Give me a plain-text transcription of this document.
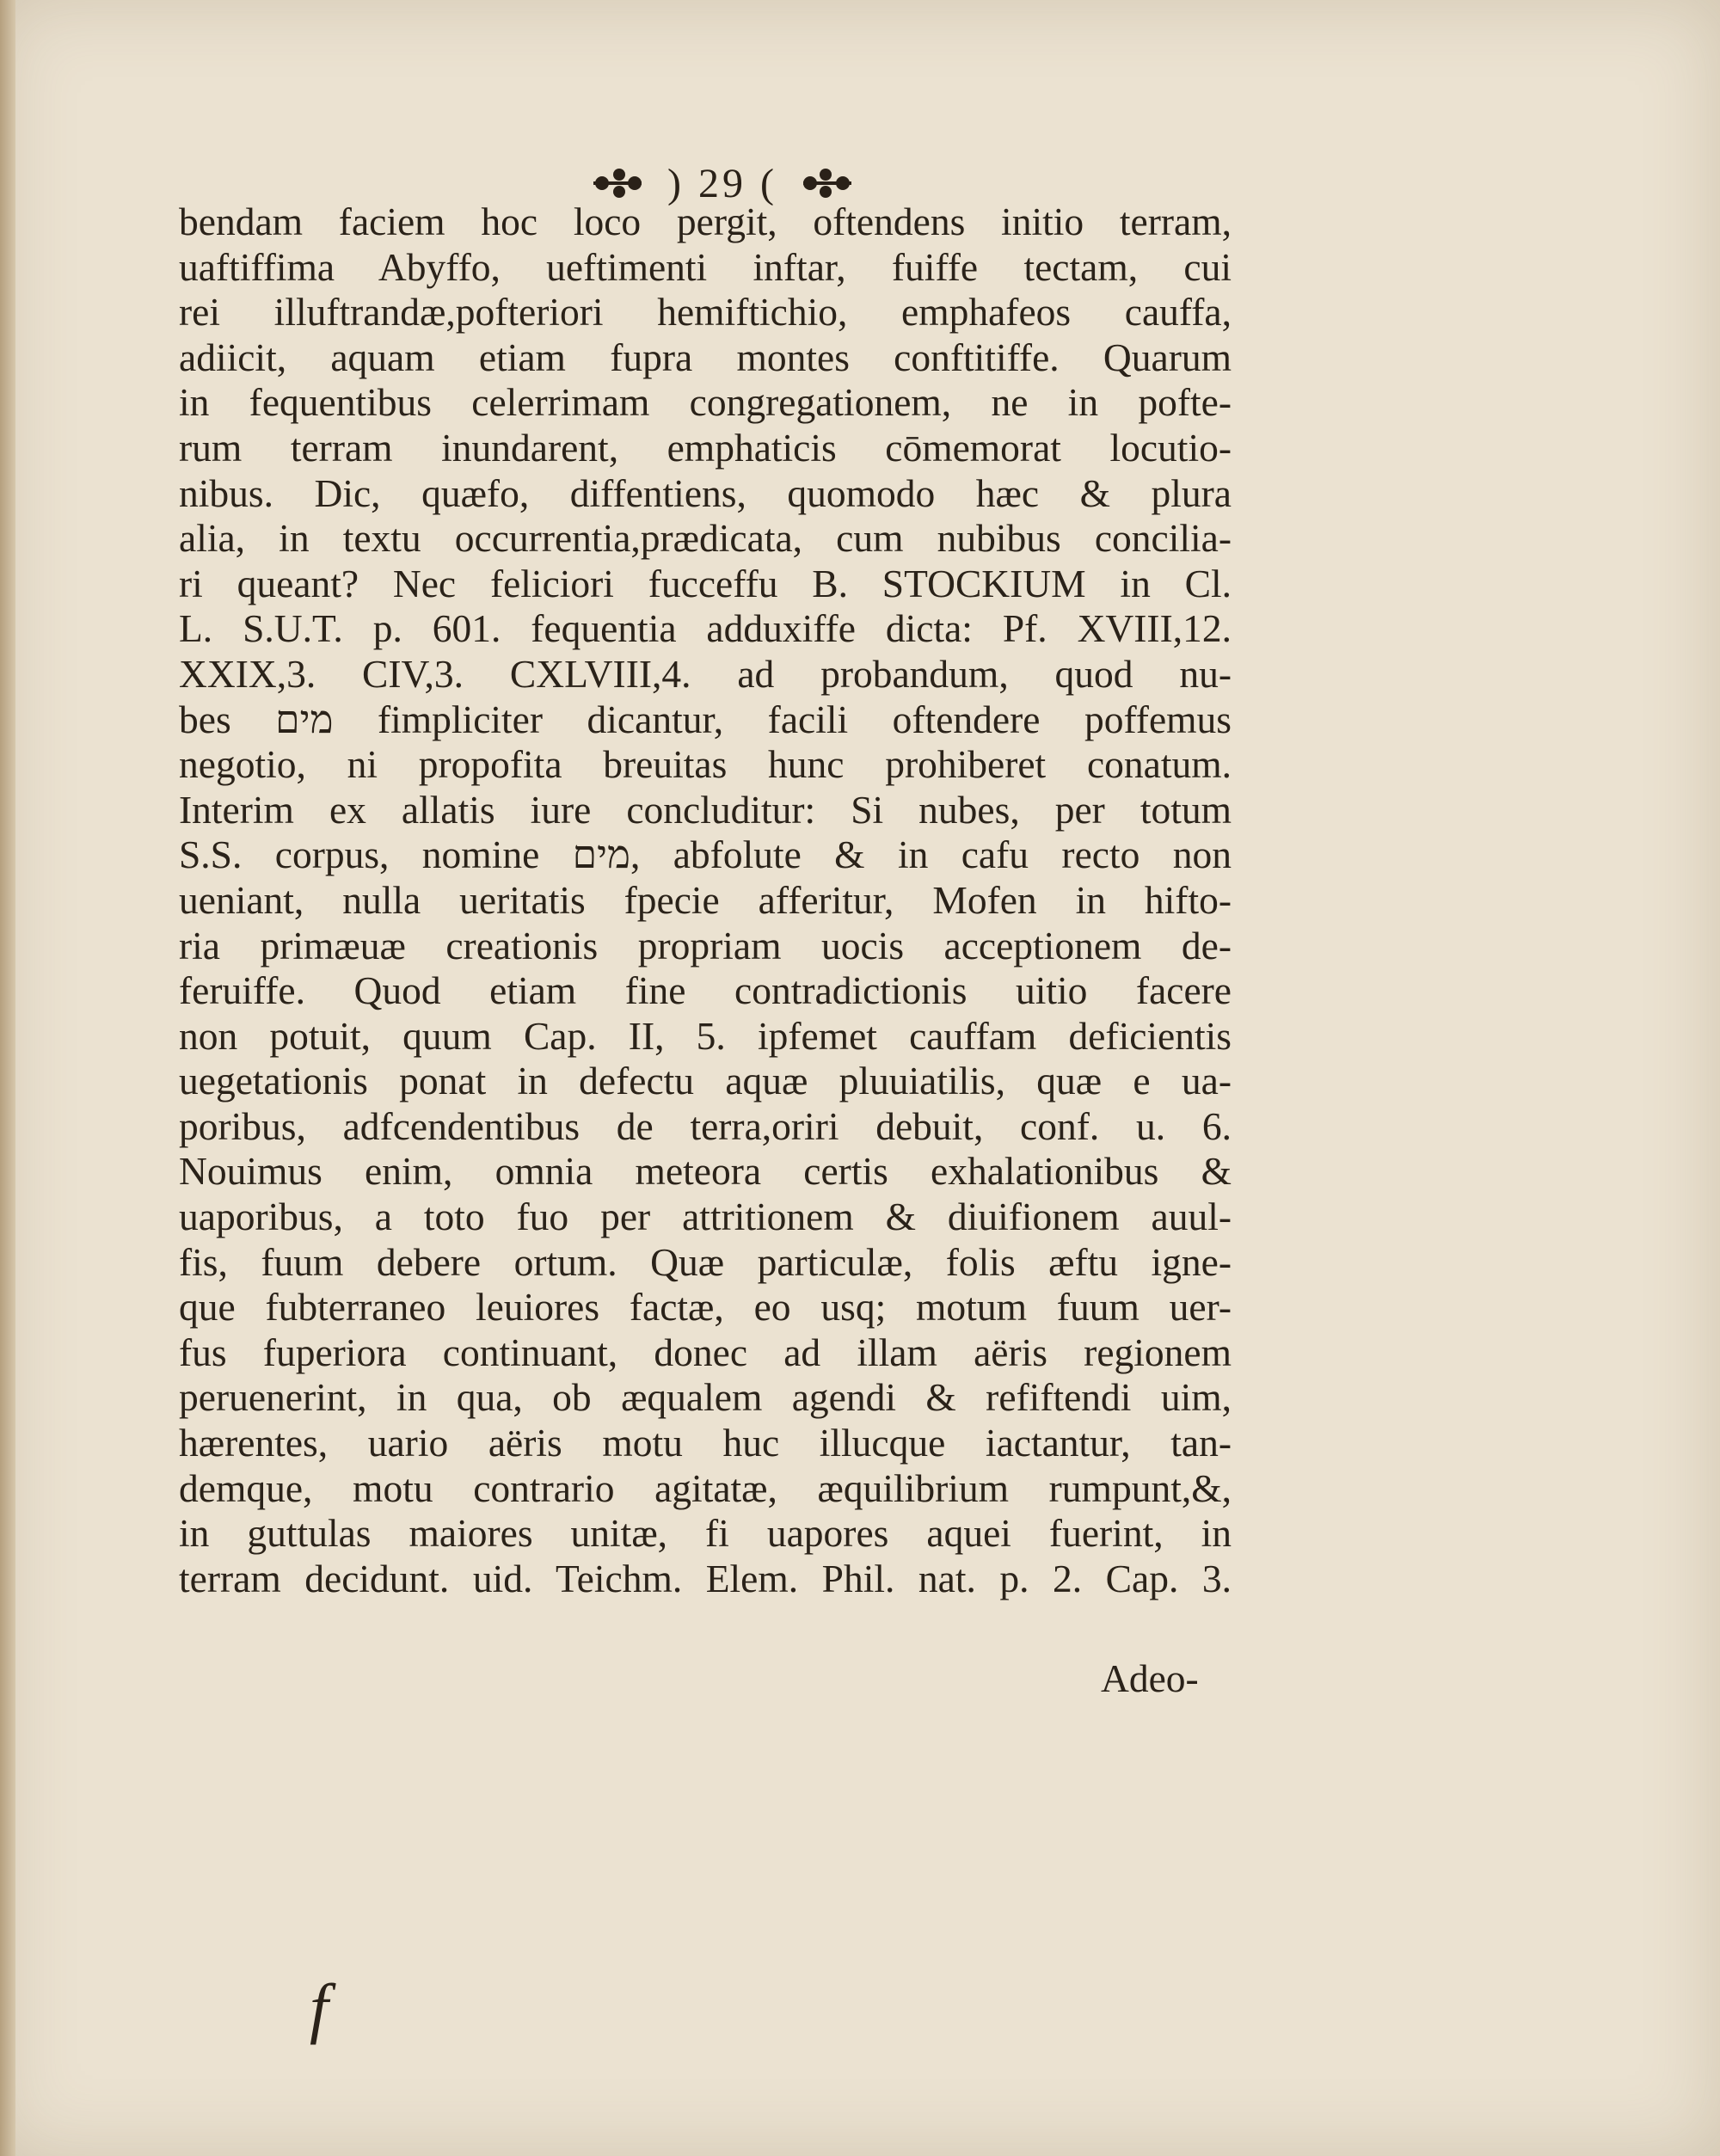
) 29 (
bendam faciem hoc loco pergit, oftendens initio terram,
uaftiffima Abyffo, ueftimenti inftar, fuiffe tectam, cui
rei illuftrandæ,pofteriori hemiftichio, emphafeos cauffa,
adiicit, aquam etiam fupra montes conftitiffe. Quarum
in fequentibus celerrimam congregationem, ne in pofte-
rum terram inundarent, emphaticis cōmemorat locutio-
nibus. Dic, quæfo, diffentiens, quomodo hæc & plura
alia, in textu occurrentia,prædicata, cum nubibus concilia-
ri queant? Nec feliciori fucceffu B. STOCKIUM in Cl.
L. S.U.T. p. 601. fequentia adduxiffe dicta: Pf. XVIII,12.
XXIX,3. CIV,3. CXLVIII,4. ad probandum, quod nu-
bes מים fimpliciter dicantur, facili oftendere poffemus
negotio, ni propofita breuitas hunc prohiberet conatum.
Interim ex allatis iure concluditur: Si nubes, per totum
S.S. corpus, nomine מים, abfolute & in cafu recto non
ueniant, nulla ueritatis fpecie afferitur, Mofen in hifto-
ria primæuæ creationis propriam uocis acceptionem de-
feruiffe. Quod etiam fine contradictionis uitio facere
non potuit, quum Cap. II, 5. ipfemet cauffam deficientis
uegetationis ponat in defectu aquæ pluuiatilis, quæ e ua-
poribus, adfcendentibus de terra,oriri debuit, conf. u. 6.
Nouimus enim, omnia meteora certis exhalationibus &
uaporibus, a toto fuo per attritionem & diuifionem auul-
fis, fuum debere ortum. Quæ particulæ, folis æftu igne-
que fubterraneo leuiores factæ, eo usq; motum fuum uer-
fus fuperiora continuant, donec ad illam aëris regionem
peruenerint, in qua, ob æqualem agendi & refiftendi uim,
hærentes, uario aëris motu huc illucque iactantur, tan-
demque, motu contrario agitatæ, æquilibrium rumpunt,&,
in guttulas maiores unitæ, fi uapores aquei fuerint, in
terram decidunt. uid. Teichm. Elem. Phil. nat. p. 2. Cap. 3.
Adeo-
f
